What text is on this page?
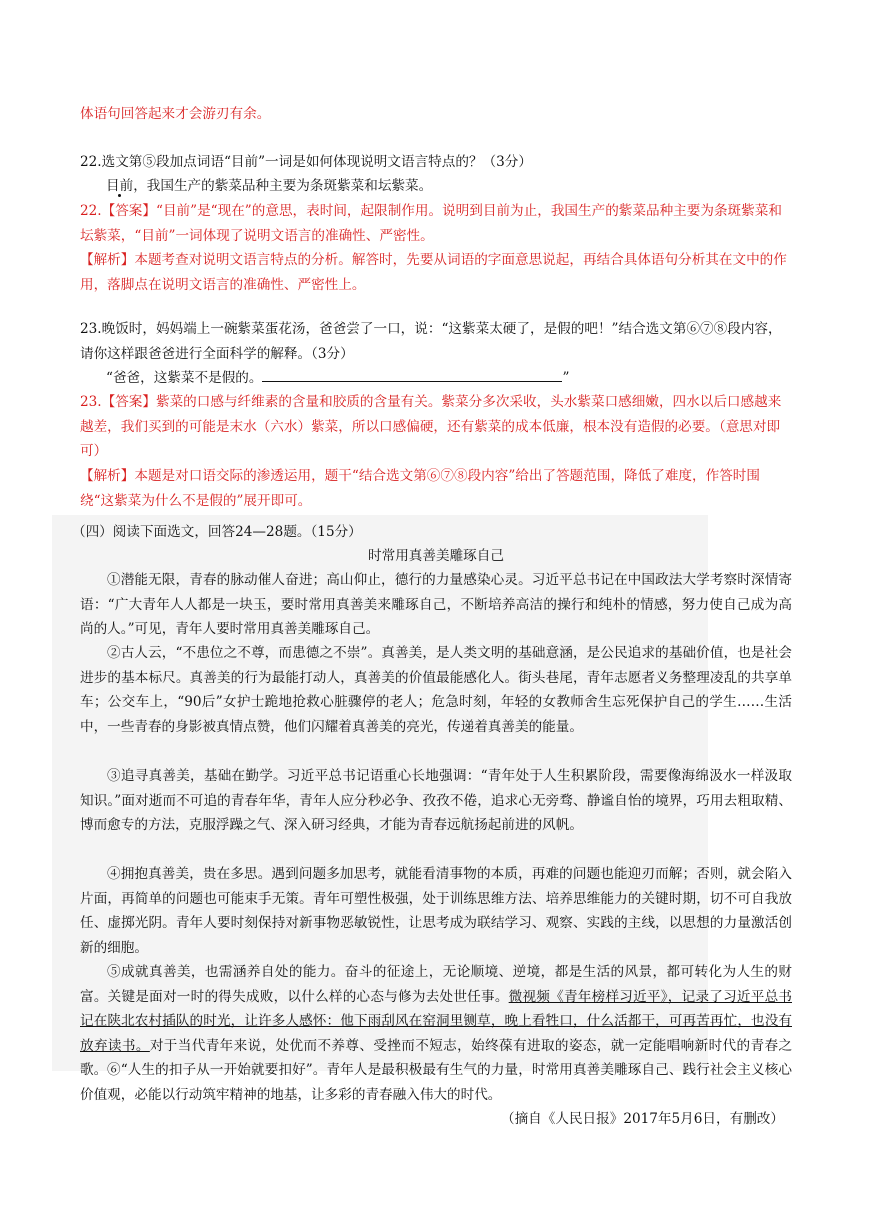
体语句回答起来才会游刃有余。
22.选文第⑤段加点词语“目前”一词是如何体现说明文语言特点的？（3分）
目前，我国生产的紫菜品种主要为条斑紫菜和坛紫菜。
22.【答案】“目前”是“现在”的意思，表时间，起限制作用。说明到目前为止，我国生产的紫菜品种主要为条斑紫菜和坛紫菜，“目前”一词体现了说明文语言的准确性、严密性。
【解析】本题考查对说明文语言特点的分析。解答时，先要从词语的字面意思说起，再结合具体语句分析其在文中的作用，落脚点在说明文语言的准确性、严密性上。
23.晚饭时，妈妈端上一碗紫菜蛋花汤，爸爸尝了一口，说：“这紫菜太硬了，是假的吧！”结合选文第⑥⑦⑧段内容，请你这样跟爸爸进行全面科学的解释。（3分）
“爸爸，这紫菜不是假的。	”
23.【答案】紫菜的口感与纤维素的含量和胶质的含量有关。紫菜分多次采收，头水紫菜口感细嫩，四水以后口感越来越差，我们买到的可能是末水（六水）紫菜，所以口感偏硬，还有紫菜的成本低廉，根本没有造假的必要。（意思对即可）
【解析】本题是对口语交际的渗透运用，题干“结合选文第⑥⑦⑧段内容”给出了答题范围，降低了难度，作答时围绕“这紫菜为什么不是假的”展开即可。
（四）阅读下面选文，回答24—28题。（15分）
时常用真善美雕琢自己
①潜能无限，青春的脉动催人奋进；高山仰止，德行的力量感染心灵。习近平总书记在中国政法大学考察时深情寄语：“广大青年人人都是一块玉，要时常用真善美来雕琢自己，不断培养高洁的操行和纯朴的情感，努力使自己成为高尚的人。”可见，青年人要时常用真善美雕琢自己。
②古人云，“不患位之不尊，而患德之不崇”。真善美，是人类文明的基础意涵，是公民追求的基础价值，也是社会进步的基本标尺。真善美的行为最能打动人，真善美的价值最能感化人。街头巷尾，青年志愿者义务整理凌乱的共享单车；公交车上，“90后”女护士跪地抢救心脏骤停的老人；危急时刻，年轻的女教师舍生忘死保护自己的学生……生活中，一些青春的身影被真情点赞，他们闪耀着真善美的亮光，传递着真善美的能量。
③追寻真善美，基础在勤学。习近平总书记语重心长地强调：“青年处于人生积累阶段，需要像海绵汲水一样汲取知识。”面对逝而不可追的青春年华，青年人应分秒必争、孜孜不倦，追求心无旁骛、静谧自怡的境界，巧用去粗取精、博而愈专的方法，克服浮躁之气、深入研习经典，才能为青春远航扬起前进的风帆。
④拥抱真善美，贵在多思。遇到问题多加思考，就能看清事物的本质，再难的问题也能迎刃而解；否则，就会陷入片面，再简单的问题也可能束手无策。青年可塑性极强，处于训练思维方法、培养思维能力的关键时期，切不可自我放任、虚掷光阴。青年人要时刻保持对新事物恶敏锐性，让思考成为联结学习、观察、实践的主线，以思想的力量激活创新的细胞。
⑤成就真善美，也需涵养自处的能力。奋斗的征途上，无论顺境、逆境，都是生活的风景，都可转化为人生的财富。关键是面对一时的得失成败，以什么样的心态与修为去处世任事。微视频《青年榜样习近平》，记录了习近平总书记在陕北农村插队的时光，让许多人感怀：他下雨刮风在窑洞里铡草，晚上看牲口，什么活都干，可再苦再忙，也没有放弃读书。对于当代青年来说，处优而不养尊、受挫而不短志，始终葆有进取的姿态，就一定能唱响新时代的青春之歌。 ⑥“人生的扣子从一开始就要扣好”。青年人是最积极最有生气的力量，时常用真善美雕琢自己、践行社会主义核心价值观，必能以行动筑牢精神的地基，让多彩的青春融入伟大的时代。
（摘自《人民日报》2017年5月6日，有删改）
